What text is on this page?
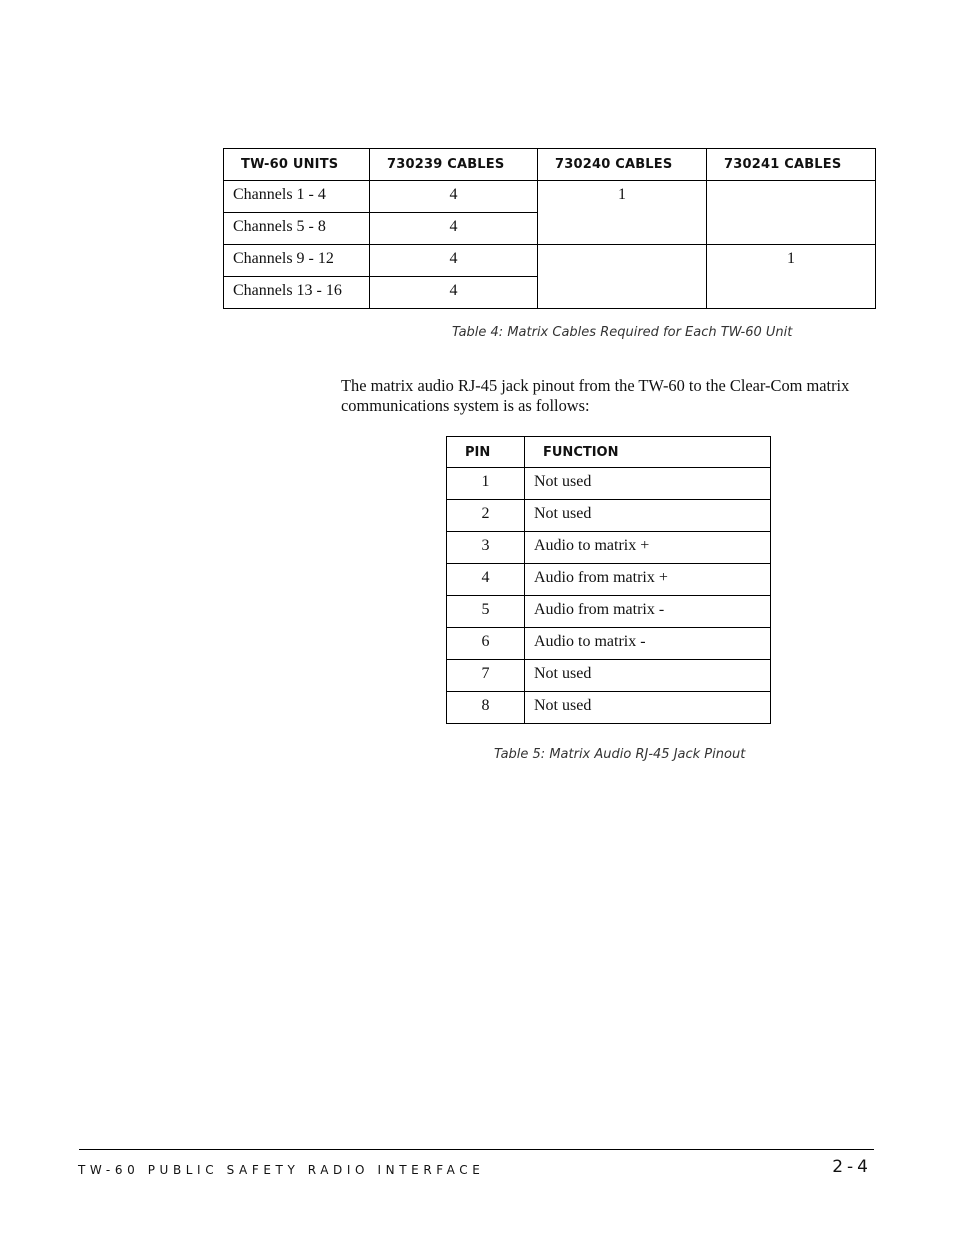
TW-60 UNITS	730239 CABLES	730240 CABLES	730241 CABLES
Channels 1 - 4	4	1	
Channels 5 - 8	4		
Channels 9 - 12	4		1
Channels 13 - 16	4		
Table 4: Matrix Cables Required for Each TW-60 Unit
The matrix audio RJ-45 jack pinout from the TW-60 to the Clear-Com matrix communications system is as follows:
PIN	FUNCTION
1	Not used
2	Not used
3	Audio to matrix +
4	Audio from matrix +
5	Audio from matrix -
6	Audio to matrix -
7	Not used
8	Not used
Table 5: Matrix Audio RJ-45 Jack Pinout
TW-60 PUBLIC SAFETY RADIO INTERFACE	2-4
